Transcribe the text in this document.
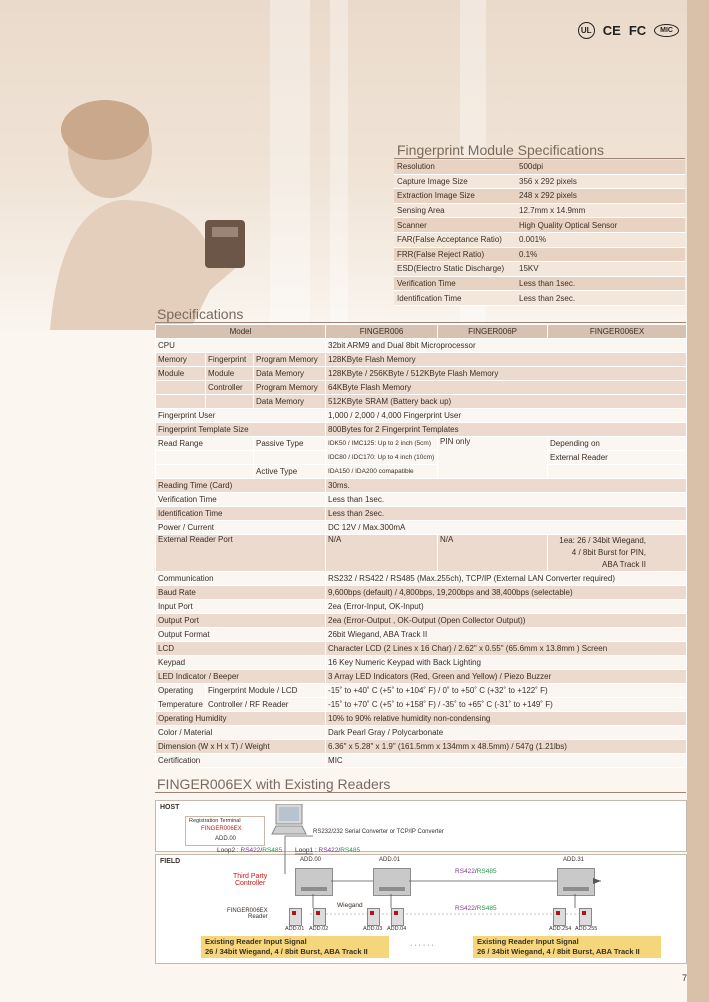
UL CE FC	MIC
Fingerprint Module Specifications
Resolution	500dpi
Capture Image Size	356 x 292 pixels
Extraction Image Size	248 x 292 pixels
Sensing Area	12.7mm x 14.9mm
Scanner	High Quality Optical Sensor
FAR(False Acceptance Ratio)	0.001%
FRR(False Reject Ratio)	0.1%
ESD(Electro Static Discharge)	15KV
Verification Time	Less than 1sec.
Identification Time	Less than 2sec.
Specifications
Model			FINGER006	FINGER006P	FINGER006EX
CPU			32bit ARM9 and Dual 8bit Microprocessor		
Memory	Fingerprint	Program Memory	128KByte Flash Memory		
Module	Module	Data Memory	128KByte / 256KByte / 512KByte Flash Memory		
	Controller	Program Memory	64KByte Flash Memory		
		Data Memory	512KByte SRAM (Battery back up)		
Fingerprint User			1,000 / 2,000 / 4,000 Fingerprint User		
Fingerprint Template Size			800Bytes for 2 Fingerprint Templates		
Read Range		Passive Type	IDK50 / IMC125: Up to 2 inch (5cm)	PIN only	Depending on
			IDC80 / IDC170: Up to 4 inch (10cm)		External Reader
		Active Type	IDA150 / IDA200 comapatible		
Reading Time (Card)			30ms.		
Verification Time			Less than 1sec.		
Identification Time			Less than 2sec.		
Power / Current			DC 12V / Max.300mA		
External Reader Port			N/A	N/A	1ea: 26 / 34bit Wiegand,
4 / 8bit Burst for PIN,
ABA Track II

Communication			RS232 / RS422 / RS485 (Max.255ch), TCP/IP (External LAN Converter required)		
Baud Rate			9,600bps (default) / 4,800bps, 19,200bps and 38,400bps (selectable)		
Input Port			2ea (Error-Input, OK-Input)		
Output Port			2ea (Error-Output , OK-Output (Open Collector Output))		
Output Format			26bit Wiegand, ABA Track II		
LCD			Character LCD (2 Lines x 16 Char) / 2.62" x 0.55" (65.6mm x 13.8mm ) Screen		
Keypad			16 Key Numeric Keypad with Back Lighting		
LED Indicator / Beeper			3 Array LED Indicators (Red, Green and Yellow) / Piezo Buzzer		
Operating	Fingerprint Module / LCD		-15˚ to +40˚ C (+5˚ to +104˚ F) / 0˚ to +50˚ C (+32˚ to +122˚ F)		
Temperature	Controller / RF Reader		-15˚ to +70˚ C (+5˚ to +158˚ F) / -35˚ to +65˚ C (-31˚ to +149˚ F)		
Operating Humidity			10% to 90% relative humidity non-condensing		
Color / Material			Dark Pearl Gray / Polycarbonate		
Dimension (W x H x T) / Weight			6.36" x 5.28" x 1.9" (161.5mm x 134mm x 48.5mm) / 547g (1.21lbs)		
Certification			MIC		
FINGER006EX with Existing Readers
HOST
Registration Terminal
FINGER006EX
ADD.00
RS232/232 Serial Converter or TCP/IP Converter
Loop2 : RS422/RS485 Loop1 : RS422/RS485
FIELD
Third Party
Controller
ADD.00	ADD.01	ADD.31
RS422/RS485
RS422/RS485
Wiegand
FINGER006EX
Reader
ADD.01 ADD.02	ADD.03 ADD.04	ADD.254 ADD.255
Existing Reader Input Signal
26 / 34bit Wiegand, 4 / 8bit Burst, ABA Track II
· · · · · ·	Existing Reader Input Signal
26 / 34bit Wiegand, 4 / 8bit Burst, ABA Track II
7
